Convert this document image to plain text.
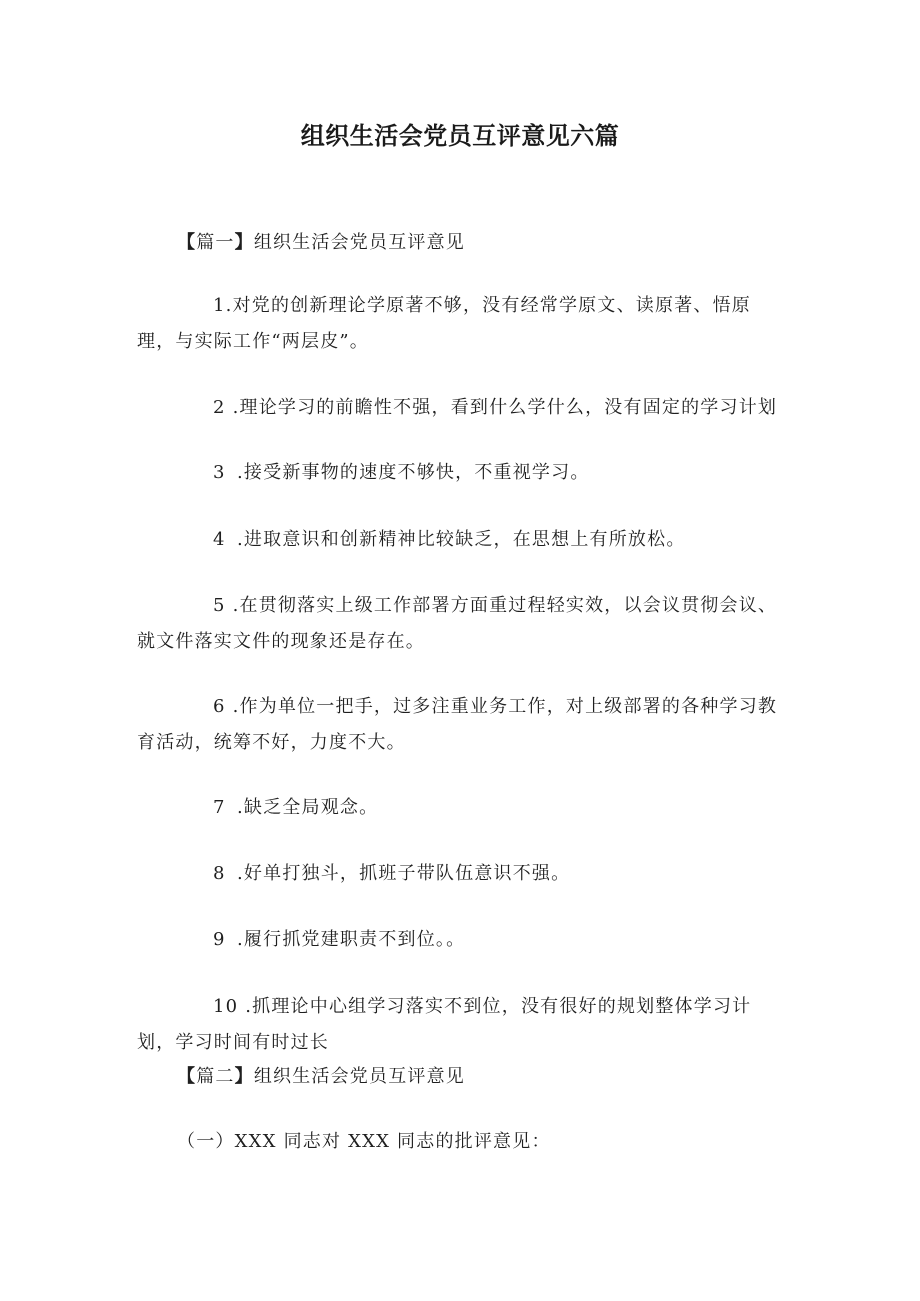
组织生活会党员互评意见六篇
【篇一】组织生活会党员互评意见
1.对党的创新理论学原著不够，没有经常学原文、读原著、悟原理，与实际工作“两层皮”。
2 .理论学习的前瞻性不强，看到什么学什么，没有固定的学习计划
3 .接受新事物的速度不够快，不重视学习。
4 .进取意识和创新精神比较缺乏，在思想上有所放松。
5 .在贯彻落实上级工作部署方面重过程轻实效，以会议贯彻会议、就文件落实文件的现象还是存在。
6 .作为单位一把手，过多注重业务工作，对上级部署的各种学习教育活动，统筹不好，力度不大。
7 .缺乏全局观念。
8 .好单打独斗，抓班子带队伍意识不强。
9 .履行抓党建职责不到位。。
10 .抓理论中心组学习落实不到位，没有很好的规划整体学习计划，学习时间有时过长
【篇二】组织生活会党员互评意见
（一）XXX 同志对 XXX 同志的批评意见：
